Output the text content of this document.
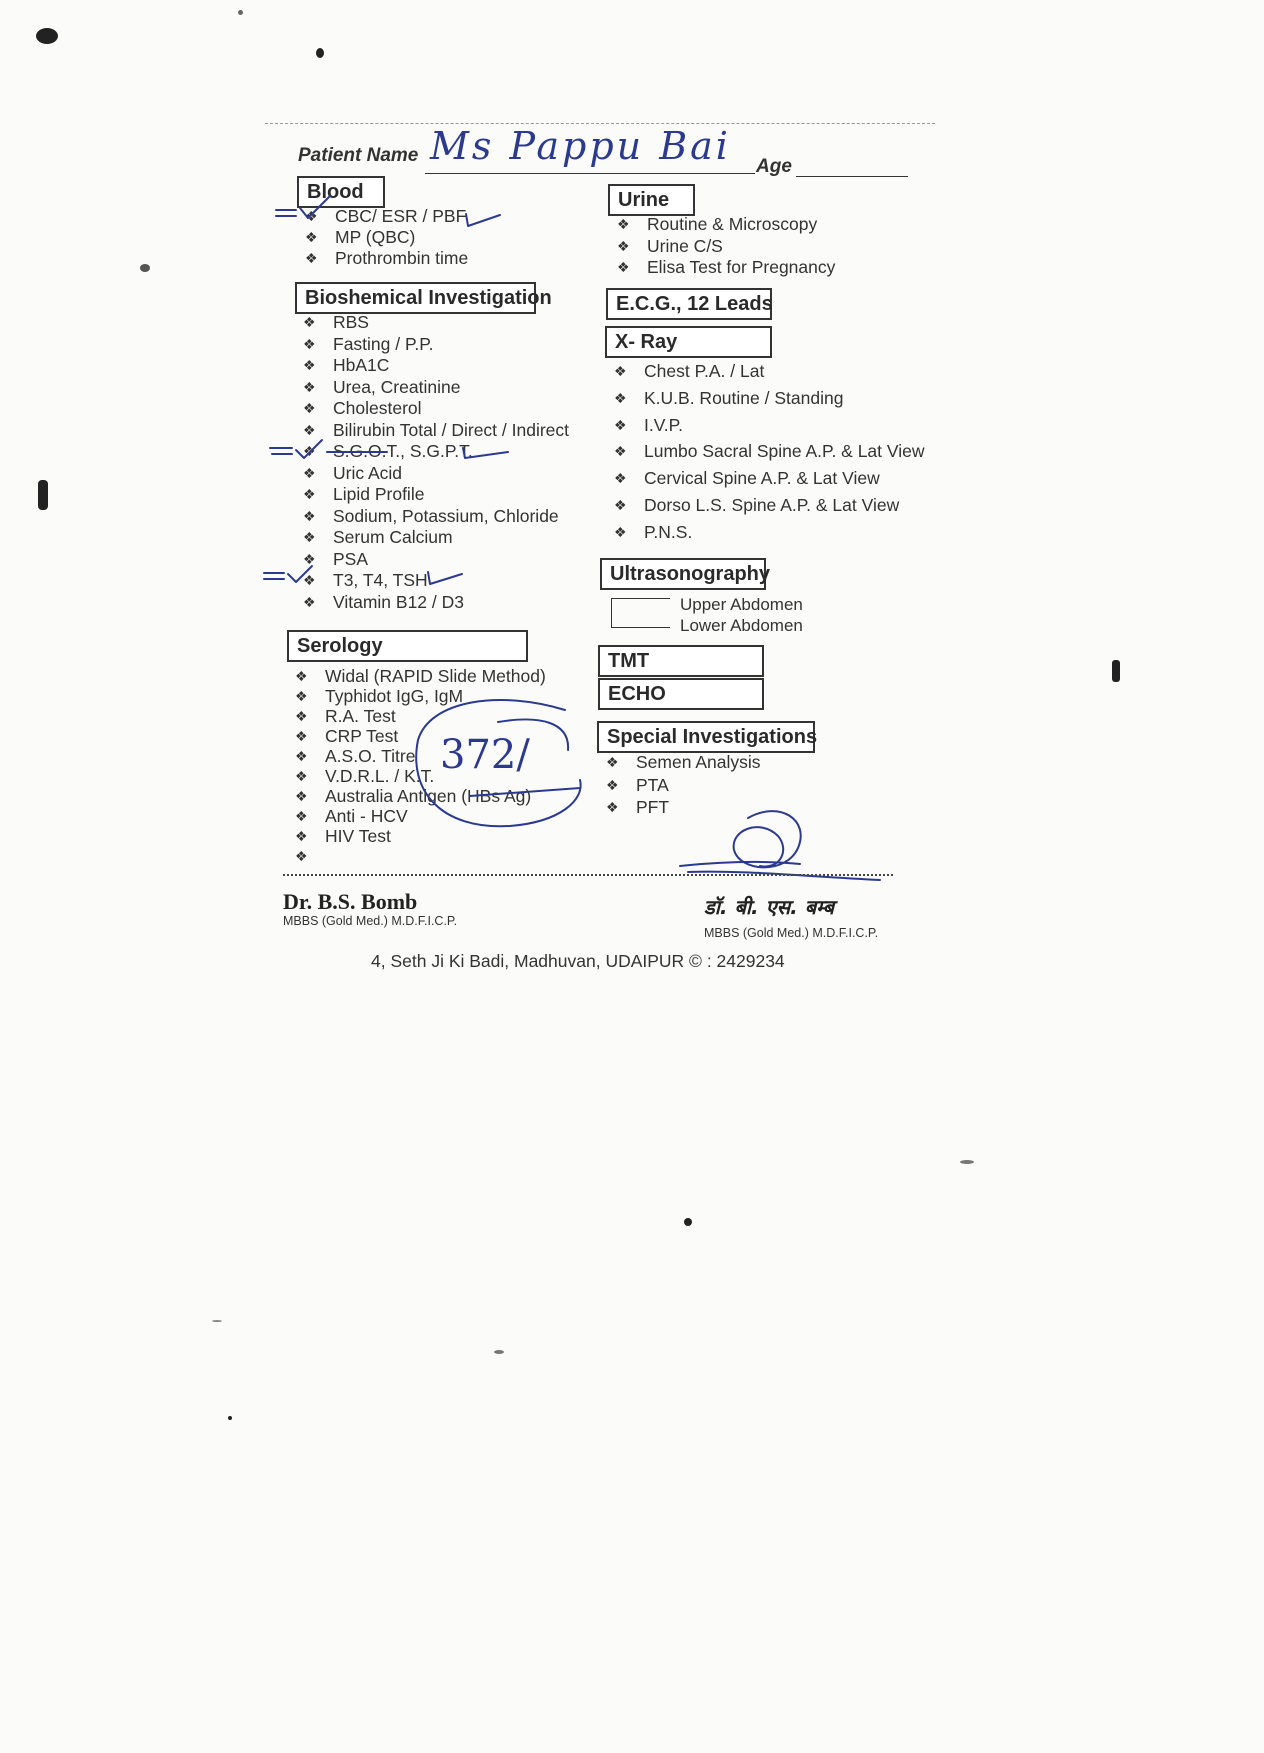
Patient Name Ms Pappu Bai Age
Blood
❖ CBC/ ESR / PBF
❖ MP (QBC)
❖ Prothrombin time
Bioshemical Investigation
❖ RBS
❖ Fasting / P.P.
❖ HbA1C
❖ Urea, Creatinine
❖ Cholesterol
❖ Bilirubin Total / Direct / Indirect
❖ S.G.O.T., S.G.P.T.
❖ Uric Acid
❖ Lipid Profile
❖ Sodium, Potassium, Chloride
❖ Serum Calcium
❖ PSA
❖ T3, T4, TSH
❖ Vitamin B12 / D3
Serology
❖ Widal (RAPID Slide Method)
❖ Typhidot IgG, IgM
❖ R.A. Test
❖ CRP Test
❖ A.S.O. Titre
❖ V.D.R.L. / K.T.
❖ Australia Antigen (HBs Ag)
❖ Anti - HCV
❖ HIV Test
Urine
❖ Routine & Microscopy
❖ Urine C/S
❖ Elisa Test for Pregnancy
E.C.G., 12 Leads
X- Ray
❖ Chest P.A. / Lat
❖ K.U.B. Routine / Standing
❖ I.V.P.
❖ Lumbo Sacral Spine A.P. & Lat View
❖ Cervical Spine A.P. & Lat View
❖ Dorso L.S. Spine A.P. & Lat View
❖ P.N.S.
Ultrasonography
Upper Abdomen
Lower Abdomen
TMT
ECHO
Special Investigations
❖ Semen Analysis
❖ PTA
❖ PFT
372/
Dr. B.S. Bomb
MBBS (Gold Med.) M.D.F.I.C.P.
डॉ. बी. एस. बम्ब
MBBS (Gold Med.) M.D.F.I.C.P.
4, Seth Ji Ki Badi, Madhuvan, UDAIPUR © : 2429234
